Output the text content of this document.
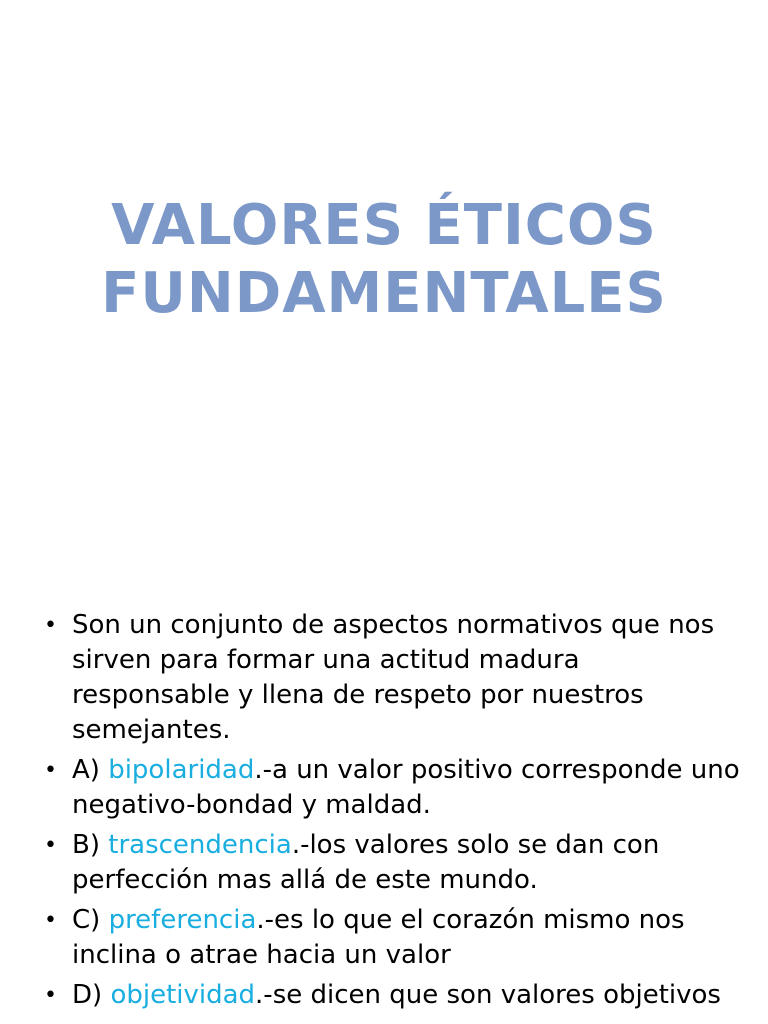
VALORES ÉTICOS
FUNDAMENTALES
• Son un conjunto de aspectos normativos que nos sirven para formar una actitud madura responsable y llena de respeto por nuestros semejantes.
• A) bipolaridad.-a un valor positivo corresponde uno negativo-bondad y maldad.
• B) trascendencia.-los valores solo se dan con perfección mas allá de este mundo.
• C) preferencia.-es lo que el corazón mismo nos inclina o atrae hacia un valor
• D) objetividad.-se dicen que son valores objetivos
